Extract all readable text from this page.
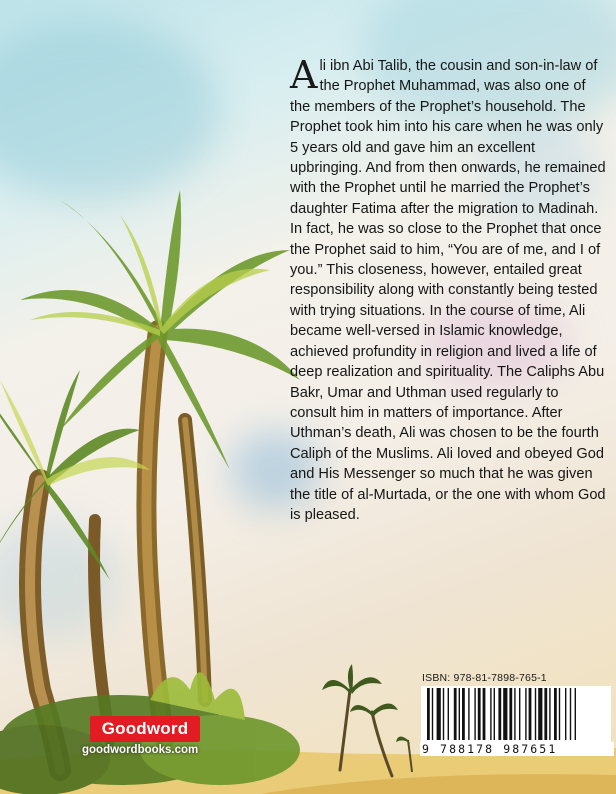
Ali ibn Abi Talib, the cousin and son-in-law of the Prophet Muhammad, was also one of the members of the Prophet’s household. The Prophet took him into his care when he was only 5 years old and gave him an excellent upbringing. And from then onwards, he remained with the Prophet until he married the Prophet’s daughter Fatima after the migration to Madinah. In fact, he was so close to the Prophet that once the Prophet said to him, “You are of me, and I of you.” This closeness, however, entailed great responsibility along with constantly being tested with trying situations. In the course of time, Ali became well-versed in Islamic knowledge, achieved profundity in religion and lived a life of deep realization and spirituality. The Caliphs Abu Bakr, Umar and Uthman used regularly to consult him in matters of importance. After Uthman’s death, Ali was chosen to be the fourth Caliph of the Muslims. Ali loved and obeyed God and His Messenger so much that he was given the title of al-Murtada, or the one with whom God is pleased.

ISBN: 978-81-7898-765-1

9 788178 987651

Goodword

goodwordbooks.com
